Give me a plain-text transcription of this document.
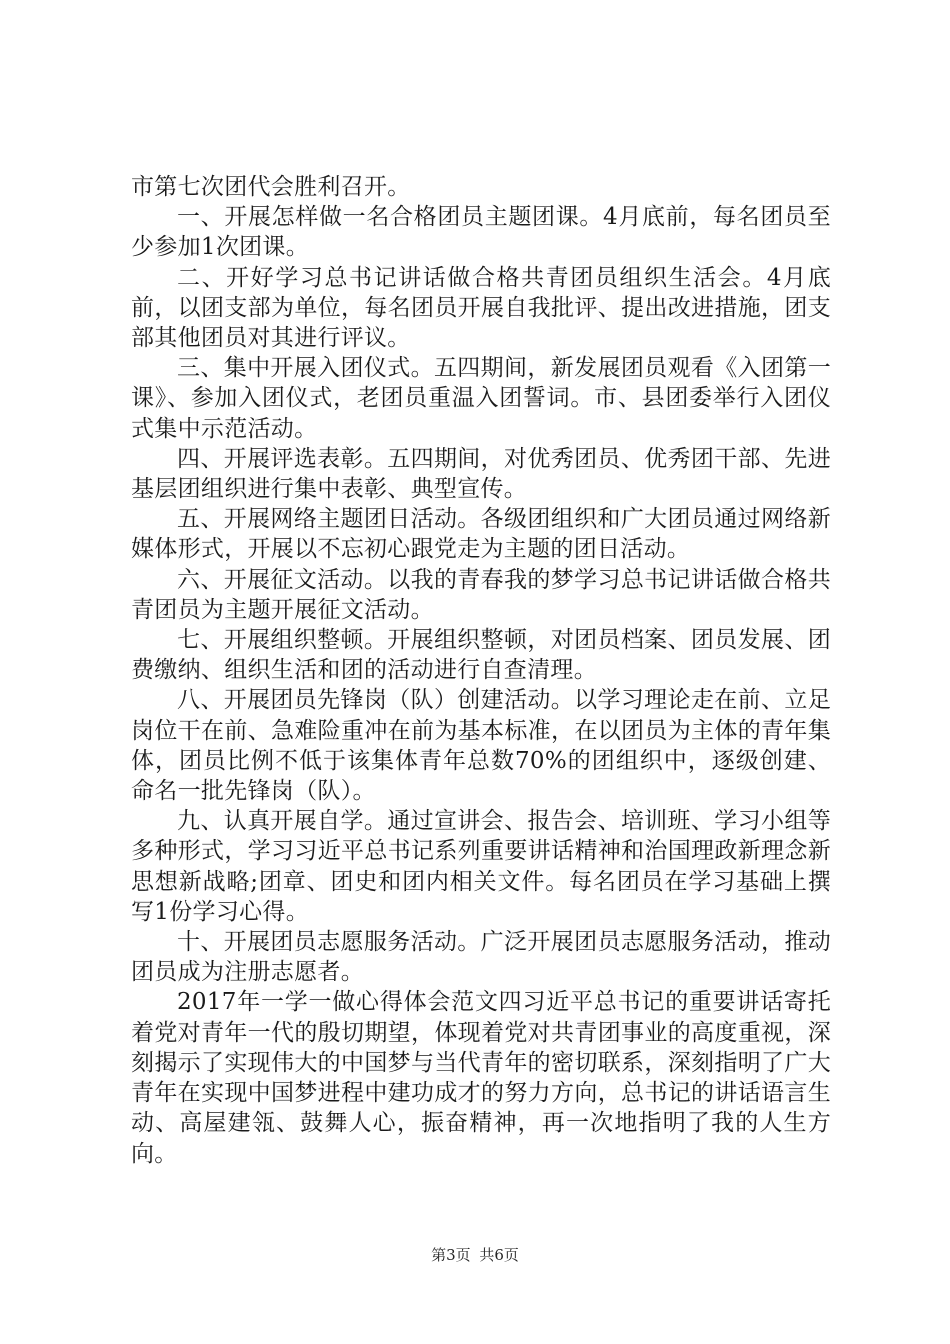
市第七次团代会胜利召开。

一、开展怎样做一名合格团员主题团课。4月底前，每名团员至少参加1次团课。

二、开好学习总书记讲话做合格共青团员组织生活会。4月底前，以团支部为单位，每名团员开展自我批评、提出改进措施，团支部其他团员对其进行评议。

三、集中开展入团仪式。五四期间，新发展团员观看《入团第一课》、参加入团仪式，老团员重温入团誓词。市、县团委举行入团仪式集中示范活动。

四、开展评选表彰。五四期间，对优秀团员、优秀团干部、先进基层团组织进行集中表彰、典型宣传。

五、开展网络主题团日活动。各级团组织和广大团员通过网络新媒体形式，开展以不忘初心跟党走为主题的团日活动。

六、开展征文活动。以我的青春我的梦学习总书记讲话做合格共青团员为主题开展征文活动。

七、开展组织整顿。开展组织整顿，对团员档案、团员发展、团费缴纳、组织生活和团的活动进行自查清理。

八、开展团员先锋岗（队）创建活动。以学习理论走在前、立足岗位干在前、急难险重冲在前为基本标准，在以团员为主体的青年集体，团员比例不低于该集体青年总数70%的团组织中，逐级创建、命名一批先锋岗（队）。

九、认真开展自学。通过宣讲会、报告会、培训班、学习小组等多种形式，学习习近平总书记系列重要讲话精神和治国理政新理念新思想新战略;团章、团史和团内相关文件。每名团员在学习基础上撰写1份学习心得。

十、开展团员志愿服务活动。广泛开展团员志愿服务活动，推动团员成为注册志愿者。

2017年一学一做心得体会范文四习近平总书记的重要讲话寄托着党对青年一代的殷切期望，体现着党对共青团事业的高度重视，深刻揭示了实现伟大的中国梦与当代青年的密切联系，深刻指明了广大青年在实现中国梦进程中建功成才的努力方向，总书记的讲话语言生动、高屋建瓴、鼓舞人心，振奋精神，再一次地指明了我的人生方向。

第3页 共6页
